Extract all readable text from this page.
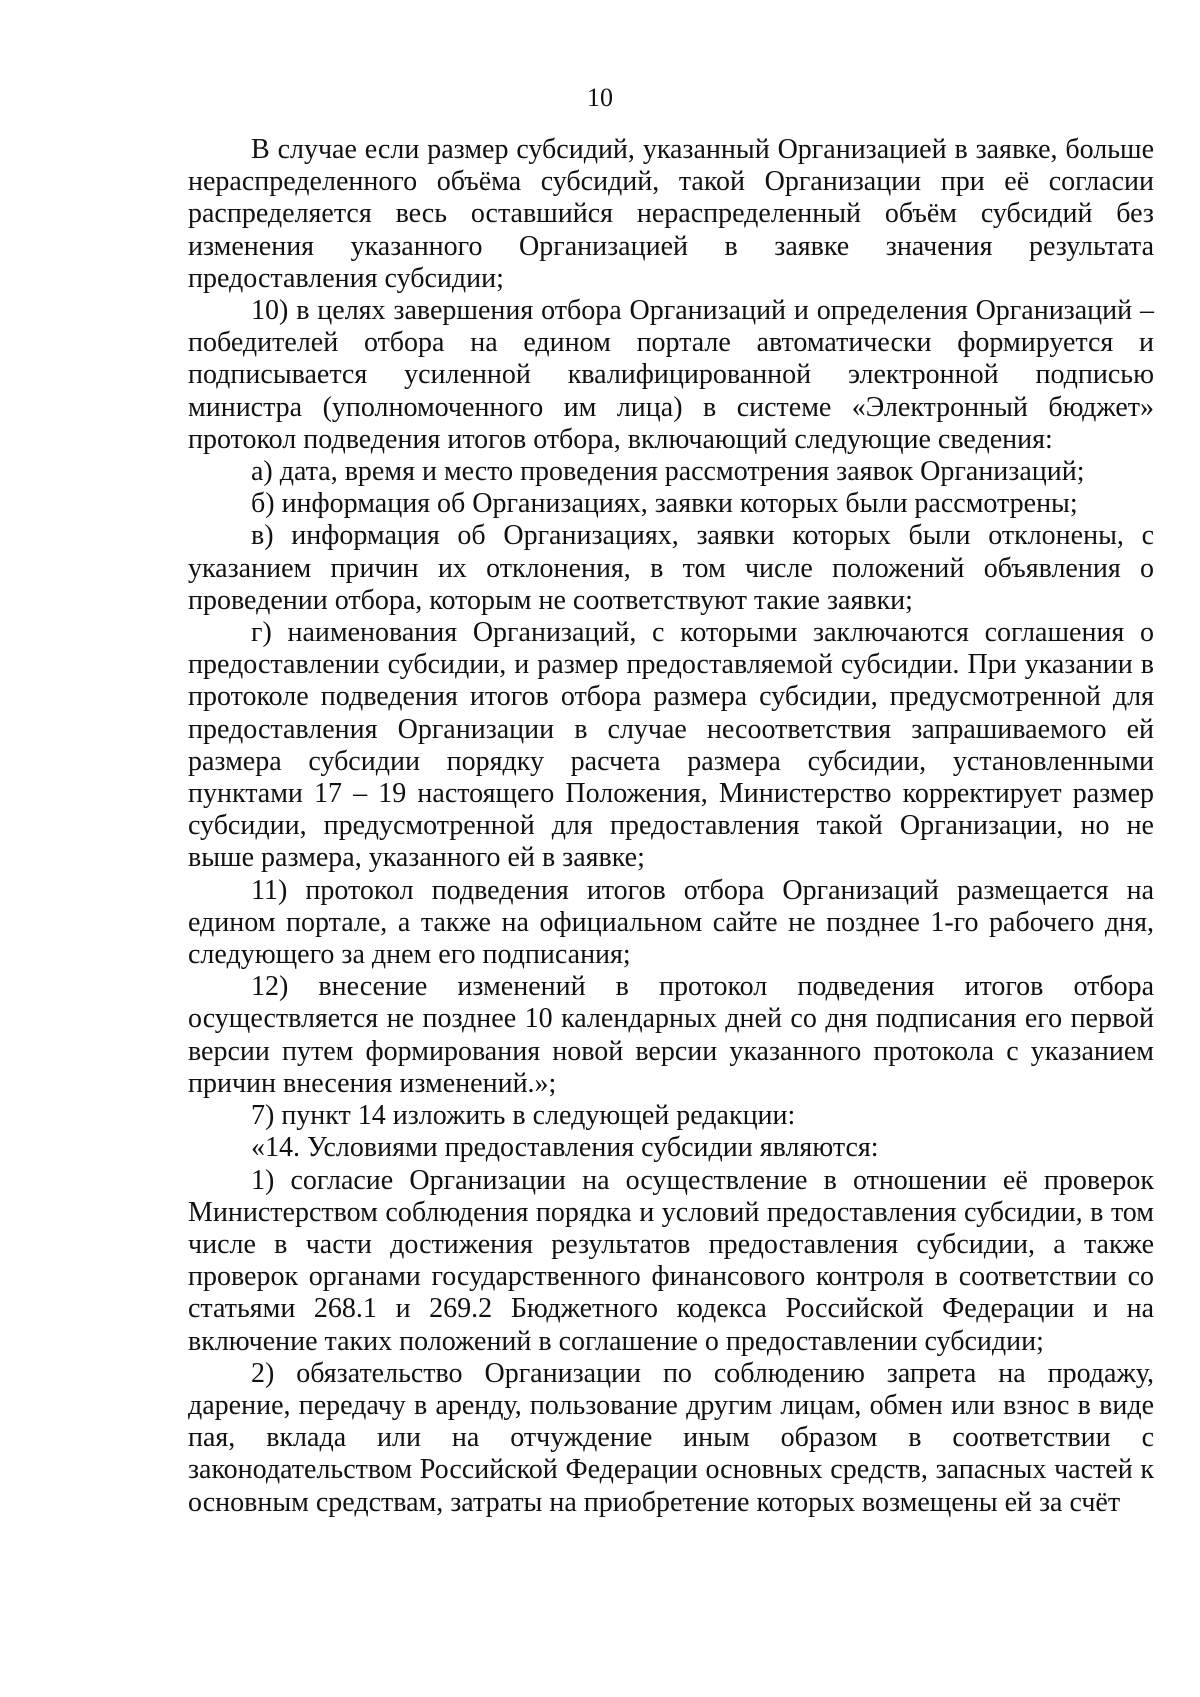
10

В случае если размер субсидий, указанный Организацией в заявке, больше нераспределенного объёма субсидий, такой Организации при её согласии распределяется весь оставшийся нераспределенный объём субсидий без изменения указанного Организацией в заявке значения результата предоставления субсидии;

10) в целях завершения отбора Организаций и определения Организаций – победителей отбора на едином портале автоматически формируется и подписывается усиленной квалифицированной электронной подписью министра (уполномоченного им лица) в системе «Электронный бюджет» протокол подведения итогов отбора, включающий следующие сведения:

а) дата, время и место проведения рассмотрения заявок Организаций;

б) информация об Организациях, заявки которых были рассмотрены;

в) информация об Организациях, заявки которых были отклонены, с указанием причин их отклонения, в том числе положений объявления о проведении отбора, которым не соответствуют такие заявки;

г) наименования Организаций, с которыми заключаются соглашения о предоставлении субсидии, и размер предоставляемой субсидии. При указании в протоколе подведения итогов отбора размера субсидии, предусмотренной для предоставления Организации в случае несоответствия запрашиваемого ей размера субсидии порядку расчета размера субсидии, установленными пунктами 17 – 19 настоящего Положения, Министерство корректирует размер субсидии, предусмотренной для предоставления такой Организации, но не выше размера, указанного ей в заявке;

11) протокол подведения итогов отбора Организаций размещается на едином портале, а также на официальном сайте не позднее 1-го рабочего дня, следующего за днем его подписания;

12) внесение изменений в протокол подведения итогов отбора осуществляется не позднее 10 календарных дней со дня подписания его первой версии путем формирования новой версии указанного протокола с указанием причин внесения изменений.»;

7) пункт 14 изложить в следующей редакции:

«14. Условиями предоставления субсидии являются:

1) согласие Организации на осуществление в отношении её проверок Министерством соблюдения порядка и условий предоставления субсидии, в том числе в части достижения результатов предоставления субсидии, а также проверок органами государственного финансового контроля в соответствии со статьями 268.1 и 269.2 Бюджетного кодекса Российской Федерации и на включение таких положений в соглашение о предоставлении субсидии;

2) обязательство Организации по соблюдению запрета на продажу, дарение, передачу в аренду, пользование другим лицам, обмен или взнос в виде пая, вклада или на отчуждение иным образом в соответствии с законодательством Российской Федерации основных средств, запасных частей к основным средствам, затраты на приобретение которых возмещены ей за счёт
